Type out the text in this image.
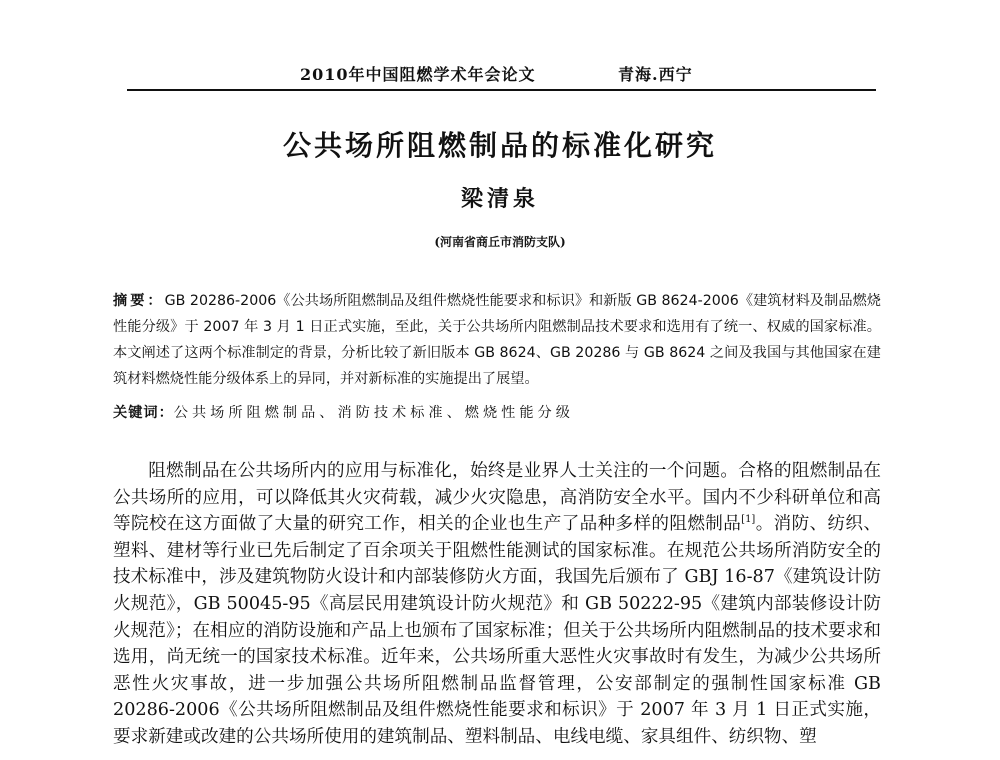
2010年中国阻燃学术年会论文	青海.西宁
公共场所阻燃制品的标准化研究
梁清泉
(河南省商丘市消防支队)
摘要：GB 20286-2006《公共场所阻燃制品及组件燃烧性能要求和标识》和新版 GB 8624-2006《建筑材料及制品燃烧性能分级》于 2007 年 3 月 1 日正式实施，至此，关于公共场所内阻燃制品技术要求和选用有了统一、权威的国家标准。本文阐述了这两个标准制定的背景，分析比较了新旧版本 GB 8624、GB 20286 与 GB 8624 之间及我国与其他国家在建筑材料燃烧性能分级体系上的异同，并对新标准的实施提出了展望。
关键词：公共场所阻燃制品、消防技术标准、燃烧性能分级
阻燃制品在公共场所内的应用与标准化，始终是业界人士关注的一个问题。合格的阻燃制品在公共场所的应用，可以降低其火灾荷载，减少火灾隐患，高消防安全水平。国内不少科研单位和高等院校在这方面做了大量的研究工作，相关的企业也生产了品种多样的阻燃制品[1]。消防、纺织、塑料、建材等行业已先后制定了百余项关于阻燃性能测试的国家标准。在规范公共场所消防安全的技术标准中，涉及建筑物防火设计和内部装修防火方面，我国先后颁布了 GBJ 16-87《建筑设计防火规范》，GB 50045-95《高层民用建筑设计防火规范》和 GB 50222-95《建筑内部装修设计防火规范》；在相应的消防设施和产品上也颁布了国家标准；但关于公共场所内阻燃制品的技术要求和选用，尚无统一的国家技术标准。近年来，公共场所重大恶性火灾事故时有发生，为减少公共场所恶性火灾事故，进一步加强公共场所阻燃制品监督管理，公安部制定的强制性国家标准 GB 20286-2006《公共场所阻燃制品及组件燃烧性能要求和标识》于 2007 年 3 月 1 日正式实施，要求新建或改建的公共场所使用的建筑制品、塑料制品、电线电缆、家具组件、纺织物、塑
